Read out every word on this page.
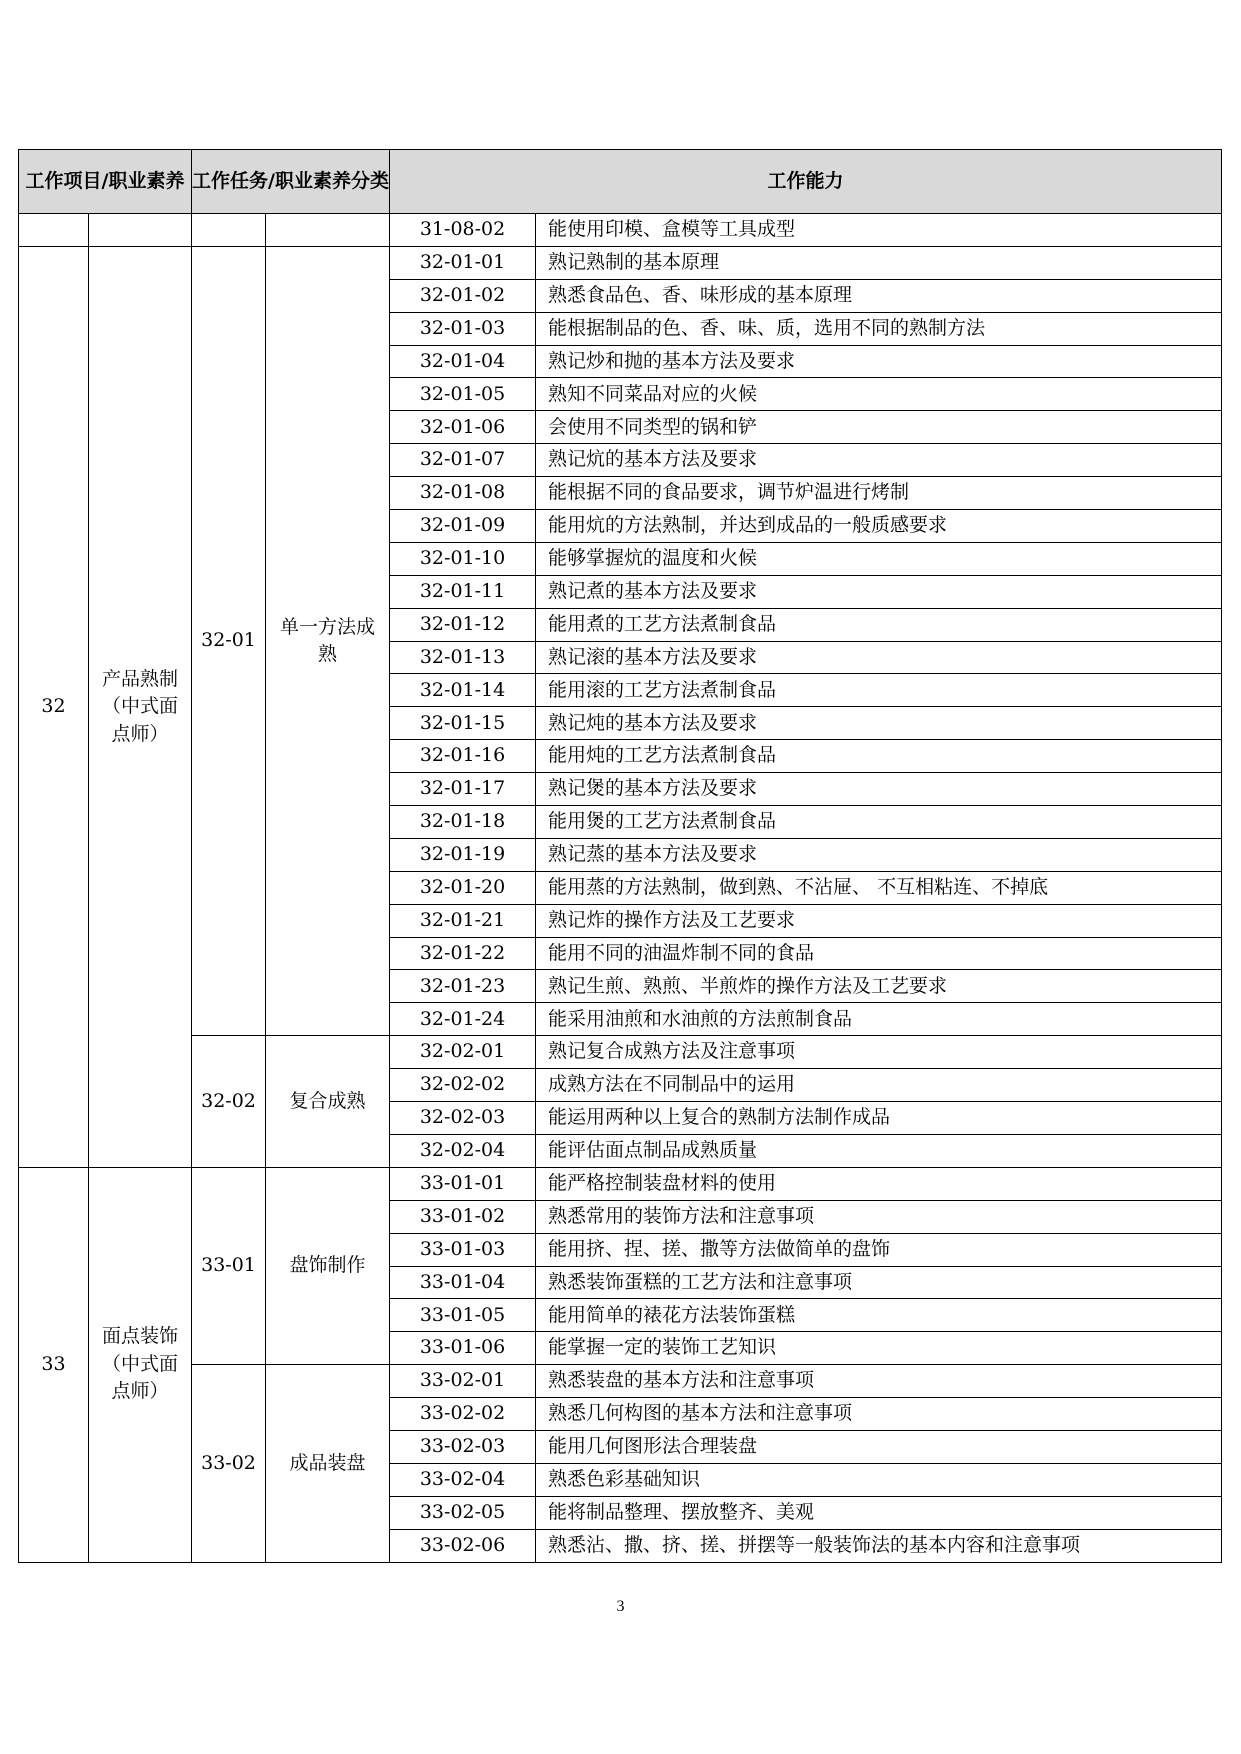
工作项目/职业素养		工作任务/职业素养分类		工作能力	
				31-08-02	能使用印模、盒模等工具成型
32	产品熟制（中式面点师）	32-01	单一方法成熟	32-01-01	熟记熟制的基本原理
				32-01-02	熟悉食品色、香、味形成的基本原理
				32-01-03	能根据制品的色、香、味、质，选用不同的熟制方法
				32-01-04	熟记炒和抛的基本方法及要求
				32-01-05	熟知不同菜品对应的火候
				32-01-06	会使用不同类型的锅和铲
				32-01-07	熟记炕的基本方法及要求
				32-01-08	能根据不同的食品要求，调节炉温进行烤制
				32-01-09	能用炕的方法熟制，并达到成品的一般质感要求
				32-01-10	能够掌握炕的温度和火候
				32-01-11	熟记煮的基本方法及要求
				32-01-12	能用煮的工艺方法煮制食品
				32-01-13	熟记滚的基本方法及要求
				32-01-14	能用滚的工艺方法煮制食品
				32-01-15	熟记炖的基本方法及要求
				32-01-16	能用炖的工艺方法煮制食品
				32-01-17	熟记煲的基本方法及要求
				32-01-18	能用煲的工艺方法煮制食品
				32-01-19	熟记蒸的基本方法及要求
				32-01-20	能用蒸的方法熟制，做到熟、不沾屉、 不互相粘连、不掉底
				32-01-21	熟记炸的操作方法及工艺要求
				32-01-22	能用不同的油温炸制不同的食品
				32-01-23	熟记生煎、熟煎、半煎炸的操作方法及工艺要求
				32-01-24	能采用油煎和水油煎的方法煎制食品
		32-02	复合成熟	32-02-01	熟记复合成熟方法及注意事项
				32-02-02	成熟方法在不同制品中的运用
				32-02-03	能运用两种以上复合的熟制方法制作成品
				32-02-04	能评估面点制品成熟质量
33	面点装饰（中式面点师）	33-01	盘饰制作	33-01-01	能严格控制装盘材料的使用
				33-01-02	熟悉常用的装饰方法和注意事项
				33-01-03	能用挤、捏、搓、撒等方法做简单的盘饰
				33-01-04	熟悉装饰蛋糕的工艺方法和注意事项
				33-01-05	能用简单的裱花方法装饰蛋糕
				33-01-06	能掌握一定的装饰工艺知识
		33-02	成品装盘	33-02-01	熟悉装盘的基本方法和注意事项
				33-02-02	熟悉几何构图的基本方法和注意事项
				33-02-03	能用几何图形法合理装盘
				33-02-04	熟悉色彩基础知识
				33-02-05	能将制品整理、摆放整齐、美观
				33-02-06	熟悉沾、撒、挤、搓、拼摆等一般装饰法的基本内容和注意事项
3
